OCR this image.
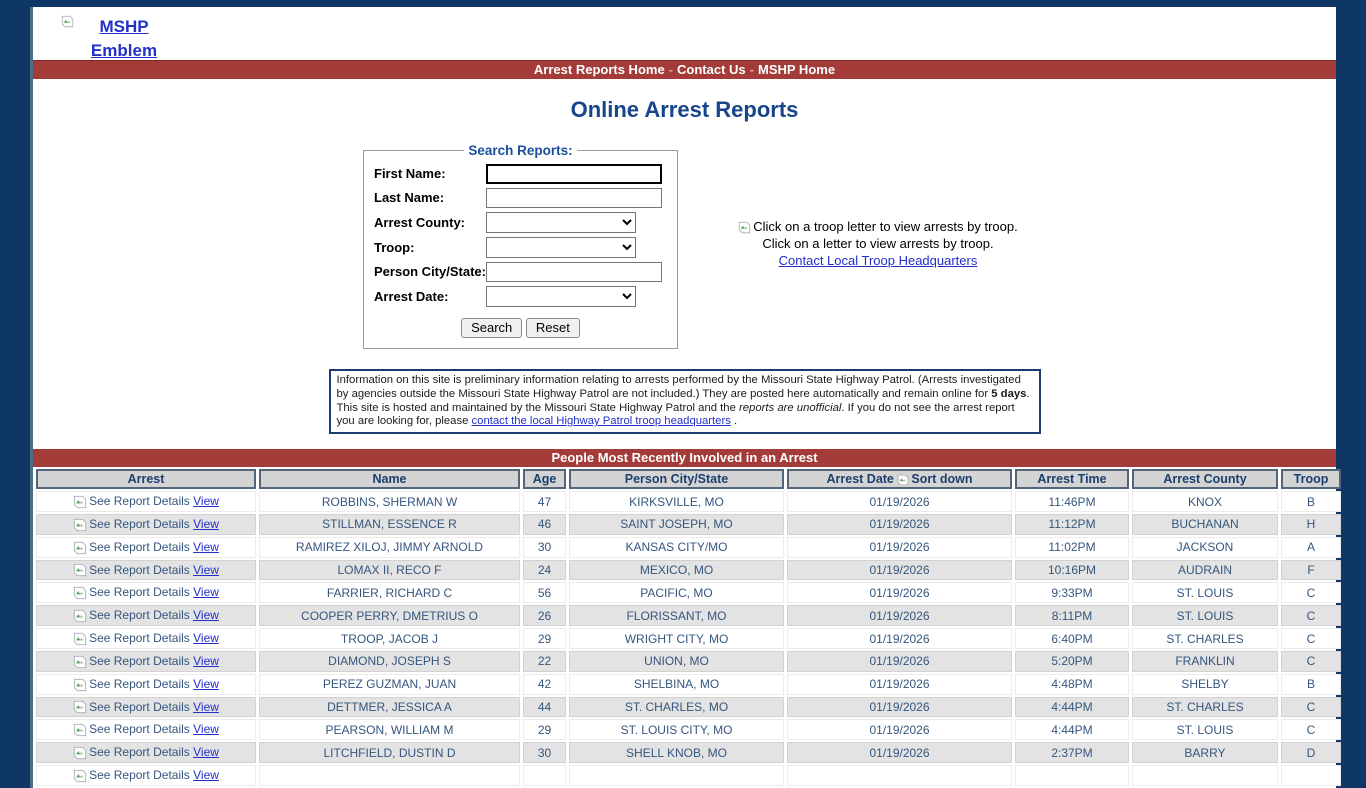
MSHP Emblem
Arrest Reports Home - Contact Us - MSHP Home
Online Arrest Reports
Search Reports:
First Name:	
Last Name:	
Arrest County:	

Troop:	

Person City/State:	
Arrest Date:	
Search Reset
Click on a troop letter to view arrests by troop.
Click on a letter to view arrests by troop.
Contact Local Troop Headquarters
Information on this site is preliminary information relating to arrests performed by the Missouri State Highway Patrol. (Arrests investigated by agencies outside the Missouri State Highway Patrol are not included.) They are posted here automatically and remain online for 5 days. This site is hosted and maintained by the Missouri State Highway Patrol and the reports are unofficial. If you do not see the arrest report you are looking for, please contact the local Highway Patrol troop headquarters .
People Most Recently Involved in an Arrest
Arrest	Name	Age	Person City/State	Arrest Date Sort down	Arrest Time	Arrest County	Troop
See Report Details View	ROBBINS, SHERMAN W	47	KIRKSVILLE, MO	01/19/2026	11:46PM	KNOX	B
See Report Details View	STILLMAN, ESSENCE R	46	SAINT JOSEPH, MO	01/19/2026	11:12PM	BUCHANAN	H
See Report Details View	RAMIREZ XILOJ, JIMMY ARNOLD	30	KANSAS CITY/MO	01/19/2026	11:02PM	JACKSON	A
See Report Details View	LOMAX II, RECO F	24	MEXICO, MO	01/19/2026	10:16PM	AUDRAIN	F
See Report Details View	FARRIER, RICHARD C	56	PACIFIC, MO	01/19/2026	9:33PM	ST. LOUIS	C
See Report Details View	COOPER PERRY, DMETRIUS O	26	FLORISSANT, MO	01/19/2026	8:11PM	ST. LOUIS	C
See Report Details View	TROOP, JACOB J	29	WRIGHT CITY, MO	01/19/2026	6:40PM	ST. CHARLES	C
See Report Details View	DIAMOND, JOSEPH S	22	UNION, MO	01/19/2026	5:20PM	FRANKLIN	C
See Report Details View	PEREZ GUZMAN, JUAN	42	SHELBINA, MO	01/19/2026	4:48PM	SHELBY	B
See Report Details View	DETTMER, JESSICA A	44	ST. CHARLES, MO	01/19/2026	4:44PM	ST. CHARLES	C
See Report Details View	PEARSON, WILLIAM M	29	ST. LOUIS CITY, MO	01/19/2026	4:44PM	ST. LOUIS	C
See Report Details View	LITCHFIELD, DUSTIN D	30	SHELL KNOB, MO	01/19/2026	2:37PM	BARRY	D
See Report Details View							
